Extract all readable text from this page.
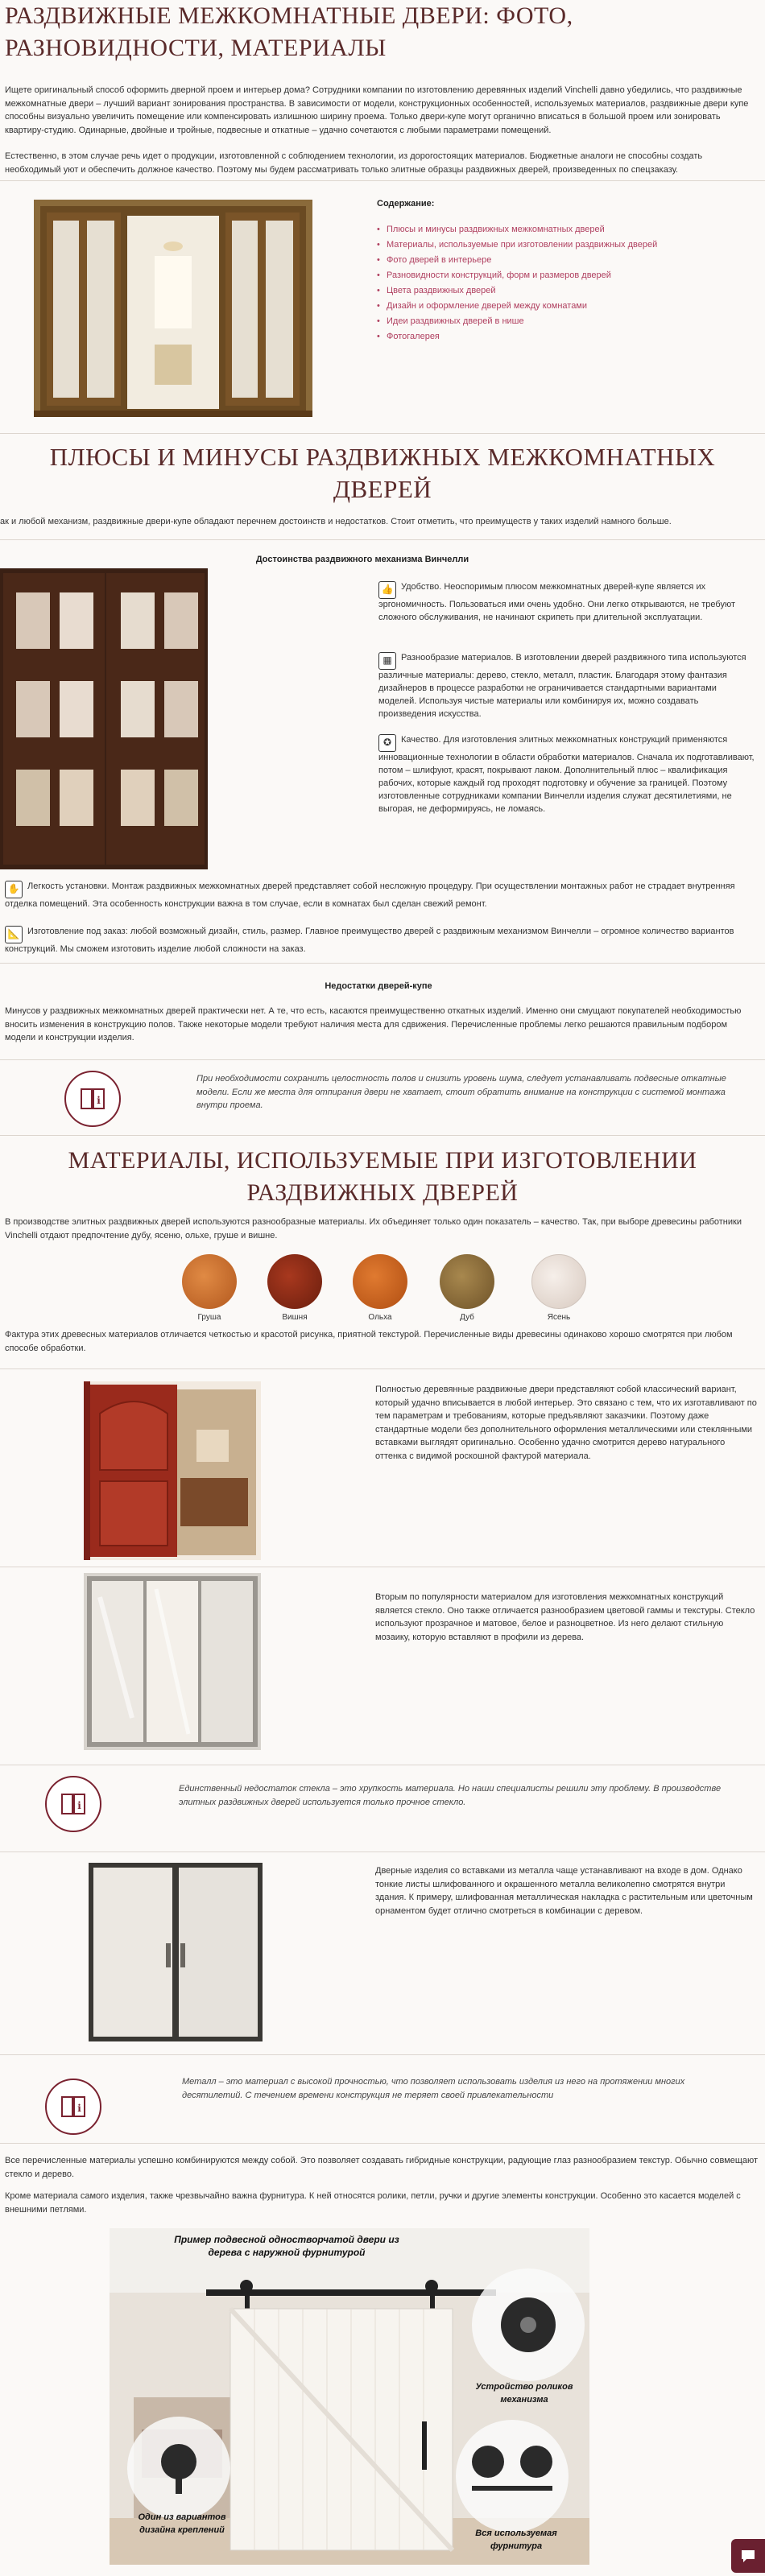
РАЗДВИЖНЫЕ МЕЖКОМНАТНЫЕ ДВЕРИ: ФОТО, РАЗНОВИДНОСТИ, МАТЕРИАЛЫ

Ищете оригинальный способ оформить дверной проем и интерьер дома? Сотрудники компании по изготовлению деревянных изделий Vinchelli давно убедились, что раздвижные межкомнатные двери – лучший вариант зонирования пространства. В зависимости от модели, конструкционных особенностей, используемых материалов, раздвижные двери купе способны визуально увеличить помещение или компенсировать излишнюю ширину проема. Только двери-купе могут органично вписаться в большой проем или зонировать квартиру-студию. Одинарные, двойные и тройные, подвесные и откатные – удачно сочетаются с любыми параметрами помещений.

Естественно, в этом случае речь идет о продукции, изготовленной с соблюдением технологии, из дорогостоящих материалов. Бюджетные аналоги не способны создать необходимый уют и обеспечить должное качество. Поэтому мы будем рассматривать только элитные образцы раздвижных дверей, произведенных по спецзаказу.

Содержание:
• Плюсы и минусы раздвижных межкомнатных дверей
• Материалы, используемые при изготовлении раздвижных дверей
• Фото дверей в интерьере
• Разновидности конструкций, форм и размеров дверей
• Цвета раздвижных дверей
• Дизайн и оформление дверей между комнатами
• Идеи раздвижных дверей в нише
• Фотогалерея
ПЛЮСЫ И МИНУСЫ РАЗДВИЖНЫХ МЕЖКОМНАТНЫХ ДВЕРЕЙ

ак и любой механизм, раздвижные двери-купе обладают перечнем достоинств и недостатков. Стоит отметить, что преимуществ у таких изделий намного больше.

Достоинства раздвижного механизма Винчелли
👍 Удобство. Неоспоримым плюсом межкомнатных дверей-купе является их эргономичность. Пользоваться ими очень удобно. Они легко открываются, не требуют сложного обслуживания, не начинают скрипеть при длительной эксплуатации.
▦ Разнообразие материалов. В изготовлении дверей раздвижного типа используются различные материалы: дерево, стекло, металл, пластик. Благодаря этому фантазия дизайнеров в процессе разработки не ограничивается стандартными вариантами моделей. Используя чистые материалы или комбинируя их, можно создавать произведения искусства.
✪ Качество. Для изготовления элитных межкомнатных конструкций применяются инновационные технологии в области обработки материалов. Сначала их подготавливают, потом – шлифуют, красят, покрывают лаком. Дополнительный плюс – квалификация рабочих, которые каждый год проходят подготовку и обучение за границей. Поэтому изготовленные сотрудниками компании Винчелли изделия служат десятилетиями, не выгорая, не деформируясь, не ломаясь.
✋ Легкость установки. Монтаж раздвижных межкомнатных дверей представляет собой несложную процедуру. При осуществлении монтажных работ не страдает внутренняя отделка помещений. Эта особенность конструкции важна в том случае, если в комнатах был сделан свежий ремонт.
📐 Изготовление под заказ: любой возможный дизайн, стиль, размер. Главное преимущество дверей с раздвижным механизмом Винчелли – огромное количество вариантов конструкций. Мы сможем изготовить изделие любой сложности на заказ.
Недостатки дверей-купе

Минусов у раздвижных межкомнатных дверей практически нет. А те, что есть, касаются преимущественно откатных изделий. Именно они смущают покупателей необходимостью вносить изменения в конструкцию полов. Также некоторые модели требуют наличия места для сдвижения. Перечисленные проблемы легко решаются правильным подбором модели и конструкции изделия.

i

При необходимости сохранить целостность полов и снизить уровень шума, следует устанавливать подвесные откатные модели. Если же места для отпирания двери не хватает, стоит обратить внимание на конструкции с системой монтажа внутри проема.

МАТЕРИАЛЫ, ИСПОЛЬЗУЕМЫЕ ПРИ ИЗГОТОВЛЕНИИ РАЗДВИЖНЫХ ДВЕРЕЙ

В производстве элитных раздвижных дверей используются разнообразные материалы. Их объединяет только один показатель – качество. Так, при выборе древесины работники Vinchelli отдают предпочтение дубу, ясеню, ольхе, груше и вишне.

Груша	Вишня	Ольха	Дуб	Ясень

Фактура этих древесных материалов отличается четкостью и красотой рисунка, приятной текстурой. Перечисленные виды древесины одинаково хорошо смотрятся при любом способе обработки.

Полностью деревянные раздвижные двери представляют собой классический вариант, который удачно вписывается в любой интерьер. Это связано с тем, что их изготавливают по тем параметрам и требованиям, которые предъявляют заказчики. Поэтому даже стандартные модели без дополнительного оформления металлическими или стеклянными вставками выглядят оригинально. Особенно удачно смотрится дерево натурального оттенка с видимой роскошной фактурой материала.

Вторым по популярности материалом для изготовления межкомнатных конструкций является стекло. Оно также отличается разнообразием цветовой гаммы и текстуры. Стекло используют прозрачное и матовое, белое и разноцветное. Из него делают стильную мозаику, которую вставляют в профили из дерева.

i

Единственный недостаток стекла – это хрупкость материала. Но наши специалисты решили эту проблему. В производстве элитных раздвижных дверей используется только прочное стекло.

Дверные изделия со вставками из металла чаще устанавливают на входе в дом. Однако тонкие листы шлифованного и окрашенного металла великолепно смотрятся внутри здания. К примеру, шлифованная металлическая накладка с растительным или цветочным орнаментом будет отлично смотреться в комбинации с деревом.

i

Металл – это материал с высокой прочностью, что позволяет использовать изделия из него на протяжении многих десятилетий. С течением времени конструкция не теряет своей привлекательности

Все перечисленные материалы успешно комбинируются между собой. Это позволяет создавать гибридные конструкции, радующие глаз разнообразием текстур. Обычно совмещают стекло и дерево.

Кроме материала самого изделия, также чрезвычайно важна фурнитура. К ней относятся ролики, петли, ручки и другие элементы конструкции. Особенно это касается моделей с внешними петлями.

Пример подвесной одностворчатой двери из дерева с наружной фурнитурой
Устройство роликов механизма
Один из вариантов дизайна креплений	Вся используемая фурнитура
